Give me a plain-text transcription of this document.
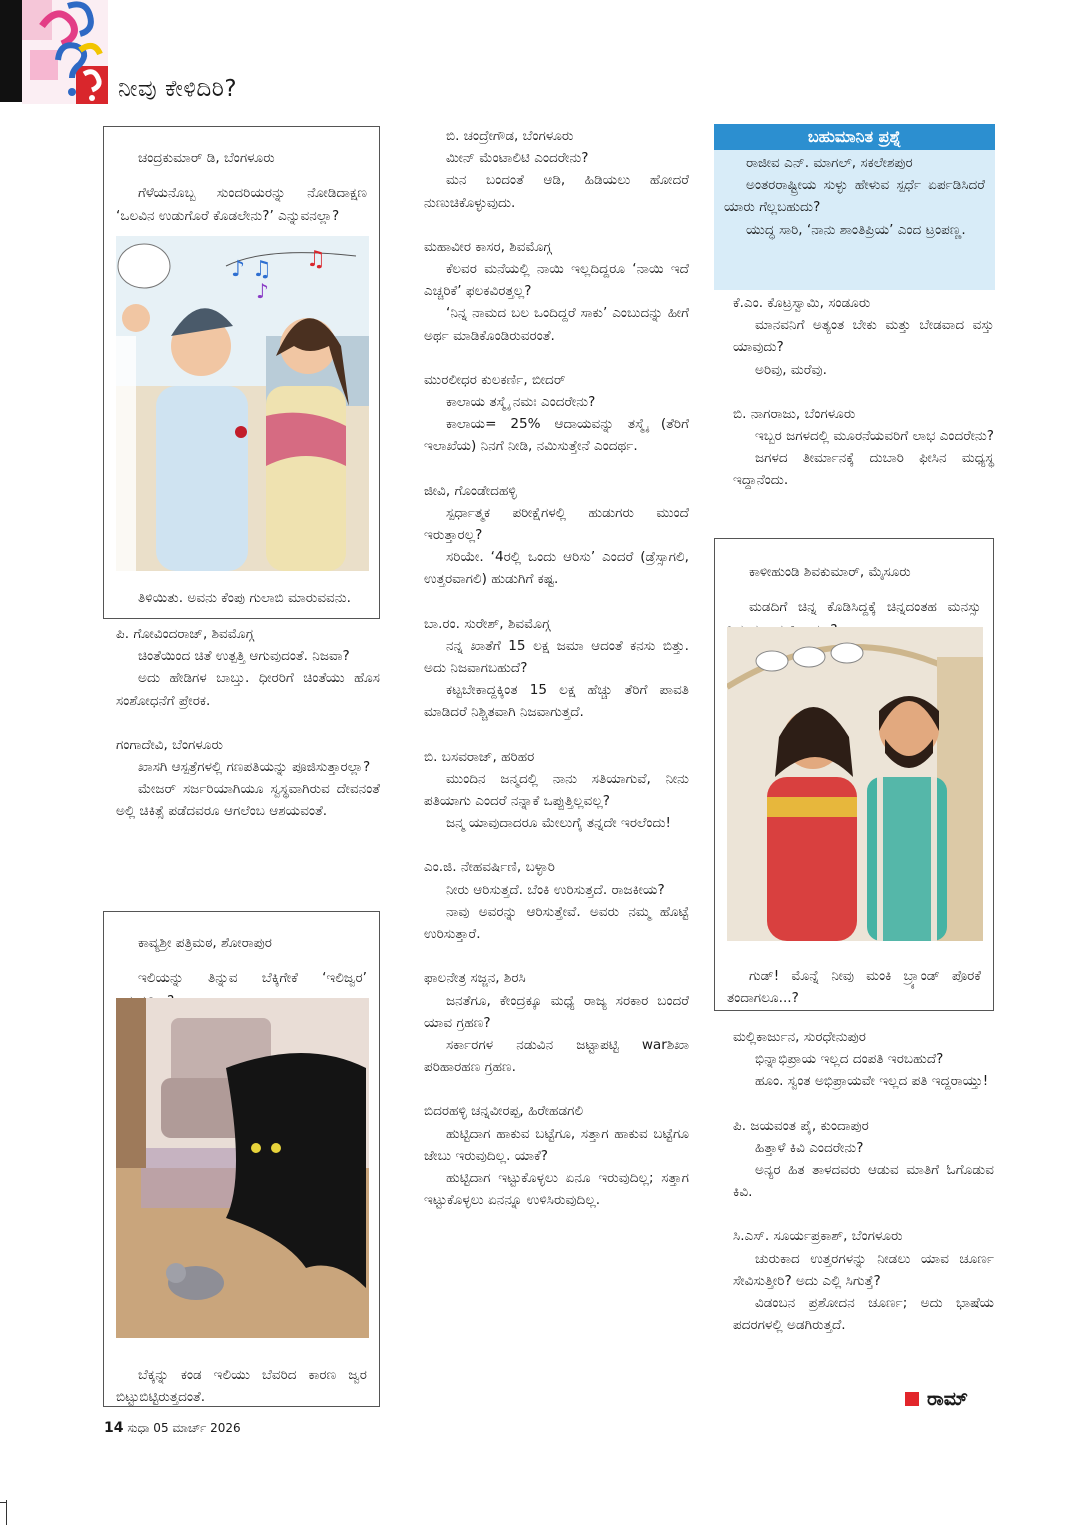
ನೀವು ಕೇಳಿದಿರಿ?

ಚಂದ್ರಕುಮಾರ್ ಡಿ, ಬೆಂಗಳೂರು

ಗೆಳೆಯನೊಬ್ಬ ಸುಂದರಿಯರನ್ನು ನೋಡಿದಾಕ್ಷಣ ‘ಒಲವಿನ ಉಡುಗೊರೆ ಕೊಡಲೇನು?’ ಎನ್ನುವನಲ್ಲಾ?

♪ ♫ ♫
♪

ತಿಳಿಯಿತು. ಅವನು ಕೆಂಪು ಗುಲಾಬಿ ಮಾರುವವನು.

ಪಿ. ಗೋವಿಂದರಾಜ್, ಶಿವಮೊಗ್ಗ

ಚಿಂತೆಯಿಂದ ಚಿತೆ ಉತ್ಪತ್ತಿ ಆಗುವುದಂತೆ. ನಿಜವಾ?

ಅದು ಹೇಡಿಗಳ ಬಾಬ್ತು. ಧೀರರಿಗೆ ಚಿಂತೆಯು ಹೊಸ ಸಂಶೋಧನೆಗೆ ಪ್ರೇರಕ.

ಗಂಗಾದೇವಿ, ಬೆಂಗಳೂರು

ಖಾಸಗಿ ಆಸ್ಪತ್ರೆಗಳಲ್ಲಿ ಗಣಪತಿಯನ್ನು ಪೂಜಿಸುತ್ತಾರಲ್ಲಾ?

ಮೇಜರ್ ಸರ್ಜರಿಯಾಗಿಯೂ ಸ್ವಸ್ಥವಾಗಿರುವ ದೇವನಂತೆ ಅಲ್ಲಿ ಚಿಕಿತ್ಸೆ ಪಡೆದವರೂ ಆಗಲೆಂಬ ಆಶಯವಂತೆ.

ಕಾವ್ಯಶ್ರೀ ಪತ್ರಿಮಠ, ಶೋರಾಪುರ

ಇಲಿಯನ್ನು ತಿನ್ನುವ ಬೆಕ್ಕಿಗೇಕೆ ‘ಇಲಿಜ್ವರ’

ಬೆಕ್ಕನ್ನು ಕಂಡ ಇಲಿಯು ಬೆವರಿದ ಕಾರಣ ಜ್ವರ ಬಿಟ್ಟುಬಿಟ್ಟಿರುತ್ತದಂತೆ.

ಬಿ. ಚಂದ್ರೇಗೌಡ, ಬೆಂಗಳೂರು

ಮೀನ್ ಮೆಂಟಾಲಿಟಿ ಎಂದರೇನು?

ಮನ ಬಂದಂತೆ ಆಡಿ, ಹಿಡಿಯಲು ಹೋದರೆ ನುಣುಚಿಕೊಳ್ಳುವುದು.

ಮಹಾವೀರ ಕಾಸರ, ಶಿವಮೊಗ್ಗ

ಕೆಲವರ ಮನೆಯಲ್ಲಿ ನಾಯಿ ಇಲ್ಲದಿದ್ದರೂ ‘ನಾಯಿ ಇದೆ ಎಚ್ಚರಿಕೆ’ ಫಲಕವಿರತ್ತಲ್ಲ?

‘ನಿನ್ನ ನಾಮದ ಬಲ ಒಂದಿದ್ದರೆ ಸಾಕು’ ಎಂಬುದನ್ನು ಹೀಗೆ ಅರ್ಥ ಮಾಡಿಕೊಂಡಿರುವರಂತೆ.

ಮುರಲೀಧರ ಕುಲಕರ್ಣಿ, ಬೀದರ್

ಕಾಲಾಯ ತಸ್ಮೈ ನಮಃ ಎಂದರೇನು?

ಕಾಲಾಯ= 25% ಆದಾಯವನ್ನು ತಸ್ಮೈ (ತೆರಿಗೆ ಇಲಾಖೆಯ) ನಿನಗೆ ನೀಡಿ, ನಮಿಸುತ್ತೇನೆ ಎಂದರ್ಥ.

ಜೀವಿ, ಗೊಂಡೇದಹಳ್ಳಿ

ಸ್ಪರ್ಧಾತ್ಮಕ ಪರೀಕ್ಷೆಗಳಲ್ಲಿ ಹುಡುಗರು ಮುಂದೆ ಇರುತ್ತಾರಲ್ಲ?

ಸರಿಯೇ. ‘4ರಲ್ಲಿ ಒಂದು ಆರಿಸು’ ಎಂದರೆ (ಡ್ರೆಸ್ಸಾಗಲಿ, ಉತ್ತರವಾಗಲಿ) ಹುಡುಗಿಗೆ ಕಷ್ಟ.

ಬಾ.ರಂ. ಸುರೇಶ್, ಶಿವಮೊಗ್ಗ

ನನ್ನ ಖಾತೆಗೆ 15 ಲಕ್ಷ ಜಮಾ ಆದಂತೆ ಕನಸು ಬಿತ್ತು. ಅದು ನಿಜವಾಗಬಹುದೆ?

ಕಟ್ಟಬೇಕಾದ್ದಕ್ಕಿಂತ 15 ಲಕ್ಷ ಹೆಚ್ಚು ತೆರಿಗೆ ಪಾವತಿ ಮಾಡಿದರೆ ನಿಶ್ಚಿತವಾಗಿ ನಿಜವಾಗುತ್ತದೆ.

ಬಿ. ಬಸವರಾಜ್, ಹರಿಹರ

ಮುಂದಿನ ಜನ್ಮದಲ್ಲಿ ನಾನು ಸತಿಯಾಗುವೆ, ನೀನು ಪತಿಯಾಗು ಎಂದರೆ ನನ್ನಾಕೆ ಒಪ್ಪುತ್ತಿಲ್ಲವಲ್ಲ?

ಜನ್ಮ ಯಾವುದಾದರೂ ಮೇಲುಗೈ ತನ್ನದೇ ಇರಲೆಂದು!

ಎಂ.ಜಿ. ನೇಹವರ್ಷಿಣಿ, ಬಳ್ಳಾರಿ

ನೀರು ಆರಿಸುತ್ತದೆ. ಬೆಂಕಿ ಉರಿಸುತ್ತದೆ. ರಾಜಕೀಯ?

ನಾವು ಅವರನ್ನು ಆರಿಸುತ್ತೇವೆ. ಅವರು ನಮ್ಮ ಹೊಟ್ಟೆ ಉರಿಸುತ್ತಾರೆ.

ಫಾಲನೇತ್ರ ಸಜ್ಜನ, ಶಿರಸಿ

ಜನತೆಗೂ, ಕೇಂದ್ರಕ್ಕೂ ಮಧ್ಯೆ ರಾಜ್ಯ ಸರಕಾರ ಬಂದರೆ ಯಾವ ಗ್ರಹಣ?

ಸರ್ಕಾರಗಳ ನಡುವಿನ ಜಟ್ಟಾಪಟ್ಟಿ warಶಿಖಾ ಪರಿಹಾರಹಣ ಗ್ರಹಣ.

ಬಿದರಹಳ್ಳಿ ಚನ್ನವೀರಪ್ಪ, ಹಿರೇಹಡಗಲಿ

ಹುಟ್ಟಿದಾಗ ಹಾಕುವ ಬಟ್ಟೆಗೂ, ಸತ್ತಾಗ ಹಾಕುವ ಬಟ್ಟೆಗೂ ಜೇಬು ಇರುವುದಿಲ್ಲ. ಯಾಕೆ?

ಹುಟ್ಟಿದಾಗ ಇಟ್ಟುಕೊಳ್ಳಲು ಏನೂ ಇರುವುದಿಲ್ಲ; ಸತ್ತಾಗ ಇಟ್ಟುಕೊಳ್ಳಲು ಏನನ್ನೂ ಉಳಿಸಿರುವುದಿಲ್ಲ.

ಬಹುಮಾನಿತ ಪ್ರಶ್ನೆ

ರಾಜೀವ ಎನ್. ಮಾಗಲ್, ಸಕಲೇಶಪುರ

ಅಂತರರಾಷ್ಟ್ರೀಯ ಸುಳ್ಳು ಹೇಳುವ ಸ್ಪರ್ಧೆ ಏರ್ಪಡಿಸಿದರೆ ಯಾರು ಗೆಲ್ಲಬಹುದು?

ಯುದ್ಧ ಸಾರಿ, ‘ನಾನು ಶಾಂತಿಪ್ರಿಯ’ ಎಂದ ಟ್ರಂಪಣ್ಣ.

ಕೆ.ಎಂ. ಕೊಟ್ರಸ್ವಾಮಿ, ಸಂಡೂರು

ಮಾನವನಿಗೆ ಅತ್ಯಂತ ಬೇಕು ಮತ್ತು ಬೇಡವಾದ ವಸ್ತು ಯಾವುದು?

ಅರಿವು, ಮರೆವು.

ಬಿ. ನಾಗರಾಜು, ಬೆಂಗಳೂರು

ಇಬ್ಬರ ಜಗಳದಲ್ಲಿ ಮೂರನೆಯವರಿಗೆ ಲಾಭ ಎಂದರೇನು?

ಜಗಳದ ತೀರ್ಮಾನಕ್ಕೆ ದುಬಾರಿ ಫೀಸಿನ ಮಧ್ಯಸ್ಥ ಇದ್ದಾನೆಂದು.

ಕಾಳೀಹುಂಡಿ ಶಿವಕುಮಾರ್, ಮೈಸೂರು

ಮಡದಿಗೆ ಚಿನ್ನ ಕೊಡಿಸಿದ್ದಕ್ಕೆ ಚಿನ್ನದಂತಹ ಮನಸ್ಸು

ಗುಡ್! ಮೊನ್ನೆ ನೀವು ಮಂಕಿ ಬ್ರ್ಯಾಂಡ್ ಪೊರಕೆ ತಂದಾಗಲೂ...?

ಮಲ್ಲಿಕಾರ್ಜುನ, ಸುರಧೇನುಪುರ

ಭಿನ್ನಾಭಿಪ್ರಾಯ ಇಲ್ಲದ ದಂಪತಿ ಇರಬಹುದೆ?

ಹೂಂ. ಸ್ವಂತ ಅಭಿಪ್ರಾಯವೇ ಇಲ್ಲದ ಪತಿ ಇದ್ದರಾಯ್ತು!

ಪಿ. ಜಯವಂತ ಪೈ, ಕುಂದಾಪುರ

ಹಿತ್ತಾಳೆ ಕಿವಿ ಎಂದರೇನು?

ಅನ್ಯರ ಹಿತ ತಾಳದವರು ಆಡುವ ಮಾತಿಗೆ ಓಗೊಡುವ ಕಿವಿ.

ಸಿ.ಎಸ್. ಸೂರ್ಯಪ್ರಕಾಶ್, ಬೆಂಗಳೂರು

ಚುರುಕಾದ ಉತ್ತರಗಳನ್ನು ನೀಡಲು ಯಾವ ಚೂರ್ಣ ಸೇವಿಸುತ್ತೀರಿ? ಅದು ಎಲ್ಲಿ ಸಿಗುತ್ತೆ?

ವಿಡಂಬನ ಪ್ರಶೋದನ ಚೂರ್ಣ; ಅದು ಭಾಷೆಯ ಪದರಗಳಲ್ಲಿ ಅಡಗಿರುತ್ತದೆ.

ರಾಮ್
14 ಸುಧಾ 05 ಮಾರ್ಚ್ 2026
